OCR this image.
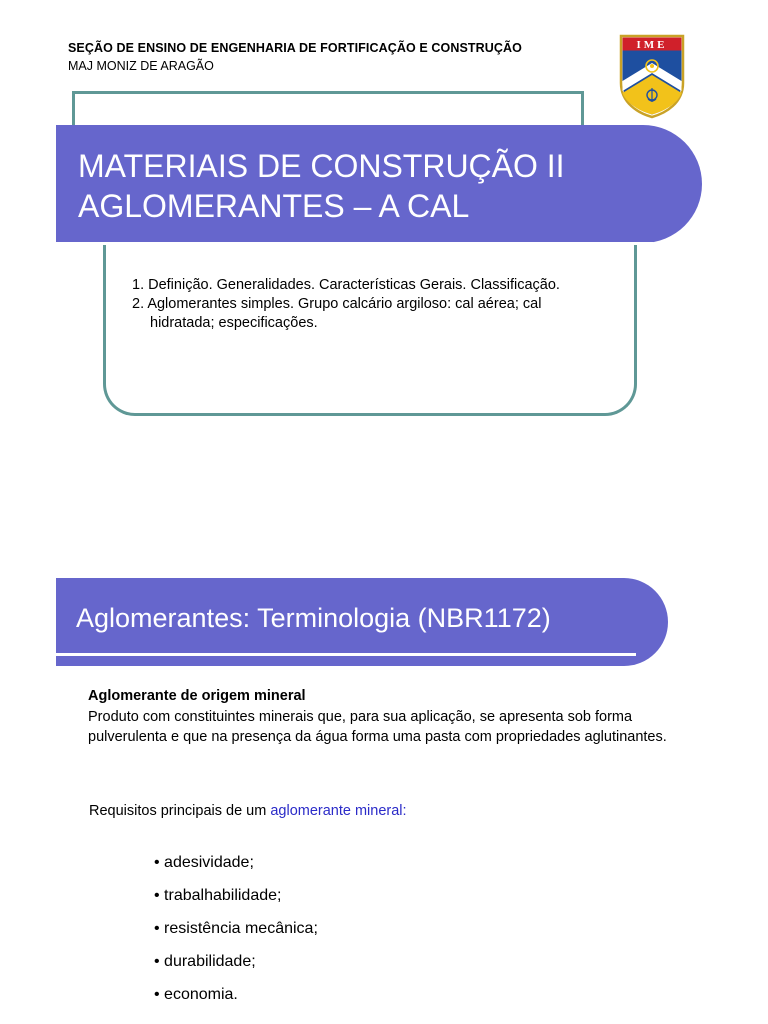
SEÇÃO DE ENSINO DE ENGENHARIA DE FORTIFICAÇÃO E CONSTRUÇÃO
MAJ MONIZ DE ARAGÃO
IME
MATERIAIS DE CONSTRUÇÃO II
AGLOMERANTES – A CAL
1. Definição. Generalidades. Características Gerais. Classificação.
2. Aglomerantes simples. Grupo calcário argiloso: cal aérea; cal
hidratada; especificações.
Aglomerantes: Terminologia (NBR1172)
Aglomerante de origem mineral
Produto com constituintes minerais que, para sua aplicação, se apresenta sob forma pulverulenta e que na presença da água forma uma pasta com propriedades aglutinantes.
Requisitos principais de um aglomerante mineral:
• adesividade;
• trabalhabilidade;
• resistência mecânica;
• durabilidade;
• economia.
